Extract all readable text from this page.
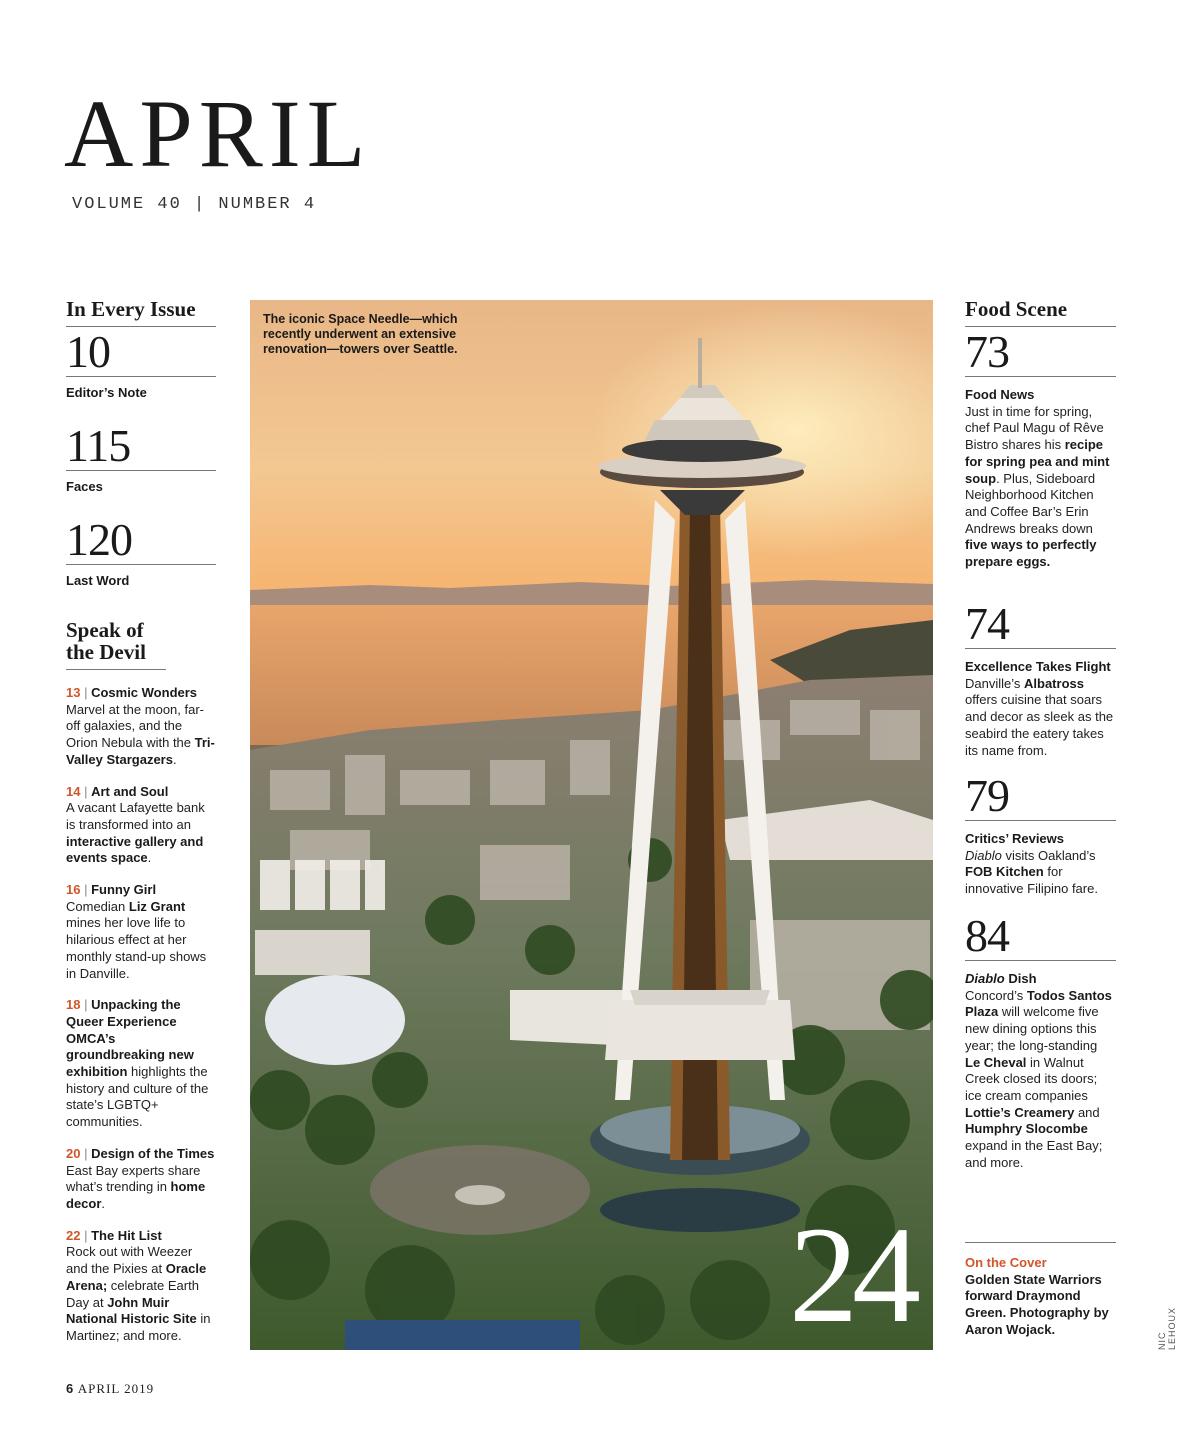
APRIL
VOLUME 40 | NUMBER 4
In Every Issue
10
Editor’s Note
115
Faces
120
Last Word
Speak of the Devil
13 | Cosmic Wonders
Marvel at the moon, far-off galaxies, and the Orion Nebula with the Tri-Valley Stargazers.
14 | Art and Soul
A vacant Lafayette bank is transformed into an interactive gallery and events space.
16 | Funny Girl
Comedian Liz Grant mines her love life to hilarious effect at her monthly stand-up shows in Danville.
18 | Unpacking the Queer Experience
OMCA’s groundbreaking new exhibition highlights the history and culture of the state’s LGBTQ+ communities.
20 | Design of the Times
East Bay experts share what’s trending in home decor.
22 | The Hit List
Rock out with Weezer and the Pixies at Oracle Arena; celebrate Earth Day at John Muir National Historic Site in Martinez; and more.
The iconic Space Needle—which recently underwent an extensive renovation—towers over Seattle.
24
Food Scene
73
Food News
Just in time for spring, chef Paul Magu of Rêve Bistro shares his recipe for spring pea and mint soup. Plus, Sideboard Neighborhood Kitchen and Coffee Bar’s Erin Andrews breaks down five ways to perfectly prepare eggs.
74
Excellence Takes Flight
Danville’s Albatross offers cuisine that soars and decor as sleek as the seabird the eatery takes its name from.
79
Critics’ Reviews
Diablo visits Oakland’s FOB Kitchen for innovative Filipino fare.
84
Diablo Dish
Concord’s Todos Santos Plaza will welcome five new dining options this year; the long-standing Le Cheval in Walnut Creek closed its doors; ice cream companies Lottie’s Creamery and Humphry Slocombe expand in the East Bay; and more.
On the Cover
Golden State Warriors forward Draymond Green. Photography by Aaron Wojack.
NIC LEHOUX
6 APRIL 2019
